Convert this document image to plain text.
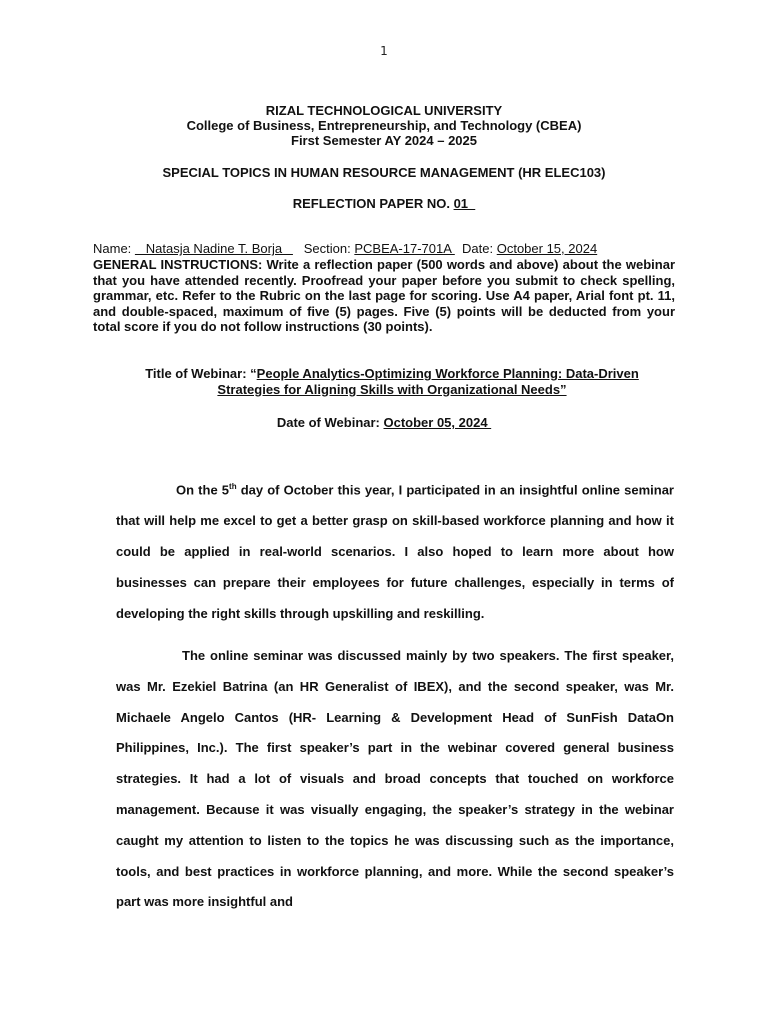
1
RIZAL TECHNOLOGICAL UNIVERSITY
College of Business, Entrepreneurship, and Technology (CBEA)
First Semester AY 2024 – 2025
SPECIAL TOPICS IN HUMAN RESOURCE MANAGEMENT (HR ELEC103)
REFLECTION PAPER NO. 01
Name:    Natasja Nadine T. Borja      Section: PCBEA-17-701A   Date: October 15, 2024
GENERAL INSTRUCTIONS: Write a reflection paper (500 words and above) about the webinar that you have attended recently. Proofread your paper before you submit to check spelling, grammar, etc. Refer to the Rubric on the last page for scoring. Use A4 paper, Arial font pt. 11, and double-spaced, maximum of five (5) pages. Five (5) points will be deducted from your total score if you do not follow instructions (30 points).
Title of Webinar: “People Analytics-Optimizing Workforce Planning: Data-Driven Strategies for Aligning Skills with Organizational Needs”
Date of Webinar: October 05, 2024

On the 5th day of October this year, I participated in an insightful online seminar that will help me excel to get a better grasp on skill-based workforce planning and how it could be applied in real-world scenarios. I also hoped to learn more about how businesses can prepare their employees for future challenges, especially in terms of developing the right skills through upskilling and reskilling.

The online seminar was discussed mainly by two speakers. The first speaker, was Mr. Ezekiel Batrina (an HR Generalist of IBEX), and the second speaker, was Mr. Michaele Angelo Cantos (HR- Learning & Development Head of SunFish DataOn Philippines, Inc.). The first speaker’s part in the webinar covered general business strategies. It had a lot of visuals and broad concepts that touched on workforce management. Because it was visually engaging, the speaker’s strategy in the webinar caught my attention to listen to the topics he was discussing such as the importance, tools, and best practices in workforce planning, and more. While the second speaker’s part was more insightful and
